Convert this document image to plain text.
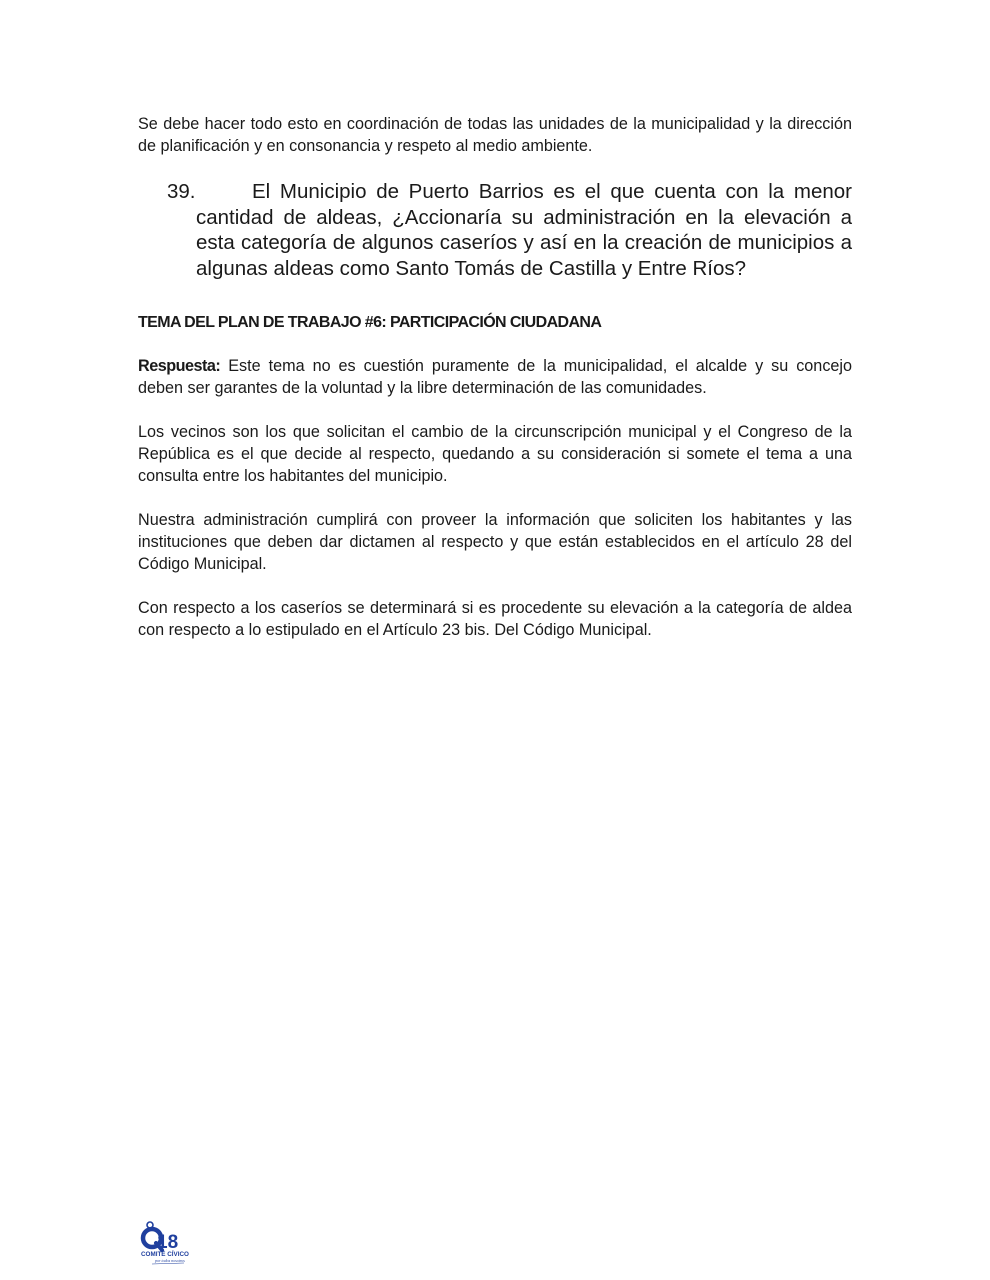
Se debe hacer todo esto en coordinación de todas las unidades de la municipalidad y la dirección de planificación y en consonancia y respeto al medio ambiente.

39.	El Municipio de Puerto Barrios es el que cuenta con la menor cantidad de aldeas, ¿Accionaría su administración en la elevación a esta categoría de algunos caseríos y así en la creación de municipios a algunas aldeas como Santo Tomás de Castilla y Entre Ríos?

TEMA DEL PLAN DE TRABAJO #6: PARTICIPACIÓN CIUDADANA

Respuesta: Este tema no es cuestión puramente de la municipalidad, el alcalde y su concejo deben ser garantes de la voluntad y la libre determinación de las comunidades.

Los vecinos son los que solicitan el cambio de la circunscripción municipal y el Congreso de la República es el que decide al respecto, quedando a su consideración si somete el tema a una consulta entre los habitantes del municipio.

Nuestra administración cumplirá con proveer la información que soliciten los habitantes y las instituciones que deben dar dictamen al respecto y que están establecidos en el artículo 28 del Código Municipal.

Con respecto a los caseríos se determinará si es procedente su elevación a la categoría de aldea con respecto a lo estipulado en el Artículo 23 bis. Del Código Municipal.

18
COMITÉ CÍVICO
por todos nosotros
